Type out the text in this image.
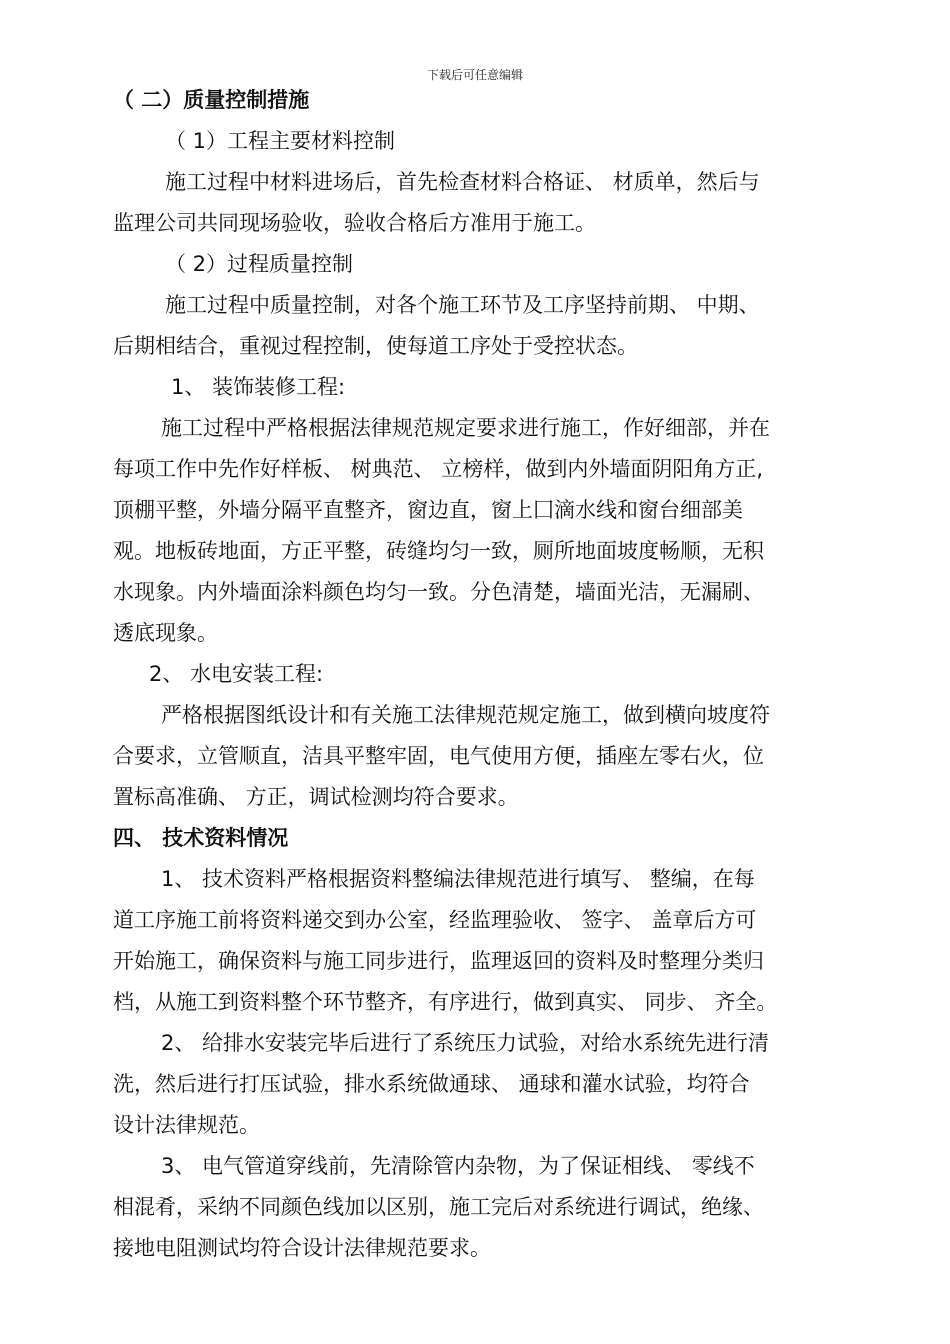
下载后可任意编辑
（ 二）质量控制措施
（ 1）工程主要材料控制
施工过程中材料进场后，首先检查材料合格证、 材质单，然后与
监理公司共同现场验收，验收合格后方准用于施工。
（ 2）过程质量控制
施工过程中质量控制，对各个施工环节及工序坚持前期、 中期、
后期相结合，重视过程控制，使每道工序处于受控状态。
1、 装饰装修工程:
施工过程中严格根据法律规范规定要求进行施工，作好细部，并在
每项工作中先作好样板、 树典范、 立榜样，做到内外墙面阴阳角方正,
顶棚平整，外墙分隔平直整齐，窗边直，窗上囗滴水线和窗台细部美
观。地板砖地面，方正平整，砖缝均匀一致，厕所地面坡度畅顺，无积
水现象。内外墙面涂料颜色均匀一致。分色清楚，墙面光洁，无漏刷、
透底现象。
2、 水电安装工程:
严格根据图纸设计和有关施工法律规范规定施工，做到横向坡度符
合要求，立管顺直，洁具平整牢固，电气使用方便，插座左零右火，位
置标高准确、 方正，调试检测均符合要求。
四、 技术资料情况
1、 技术资料严格根据资料整编法律规范进行填写、 整编，在每
道工序施工前将资料递交到办公室，经监理验收、 签字、 盖章后方可
开始施工，确保资料与施工同步进行，监理返回的资料及时整理分类归
档，从施工到资料整个环节整齐，有序进行，做到真实、 同步、 齐全。
2、 给排水安装完毕后进行了系统压力试验，对给水系统先进行清
洗，然后进行打压试验，排水系统做通球、 通球和灌水试验，均符合
设计法律规范。
3、 电气管道穿线前，先清除管内杂物，为了保证相线、 零线不
相混肴，采纳不同颜色线加以区别，施工完后对系统进行调试，绝缘、
接地电阻测试均符合设计法律规范要求。
